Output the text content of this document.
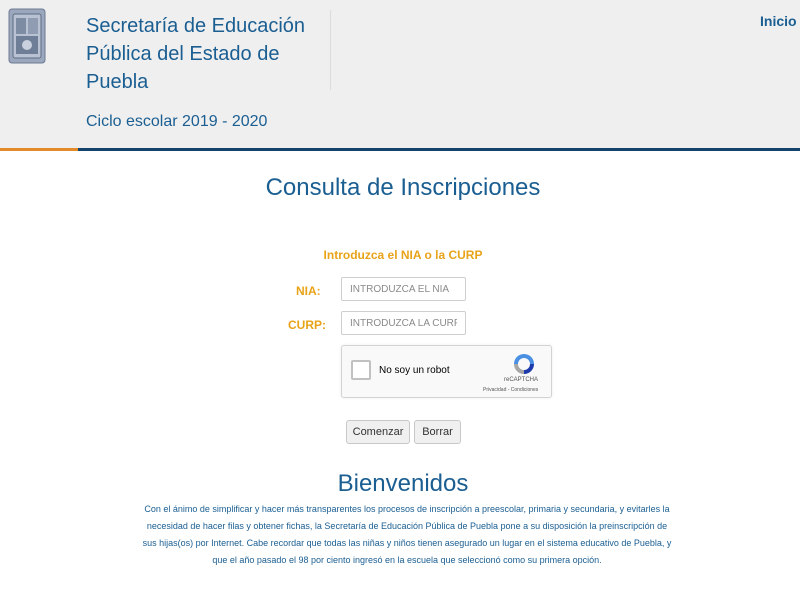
Secretaría de Educación Pública del Estado de Puebla
Ciclo escolar 2019 - 2020
Inicio
Consulta de Inscripciones
Introduzca el NIA o la CURP
NIA:
INTRODUZCA EL NIA
CURP:
INTRODUZCA LA CURP
No soy un robot
reCAPTCHA
Privacidad - Condiciones
Comenzar	Borrar
Bienvenidos

Con el ánimo de simplificar y hacer más transparentes los procesos de inscripción a preescolar, primaria y secundaria, y evitarles la necesidad de hacer filas y obtener fichas, la Secretaría de Educación Pública de Puebla pone a su disposición la preinscripción de sus hijas(os) por Internet. Cabe recordar que todas las niñas y niños tienen asegurado un lugar en el sistema educativo de Puebla, y que el año pasado el 98 por ciento ingresó en la escuela que seleccionó como su primera opción.
